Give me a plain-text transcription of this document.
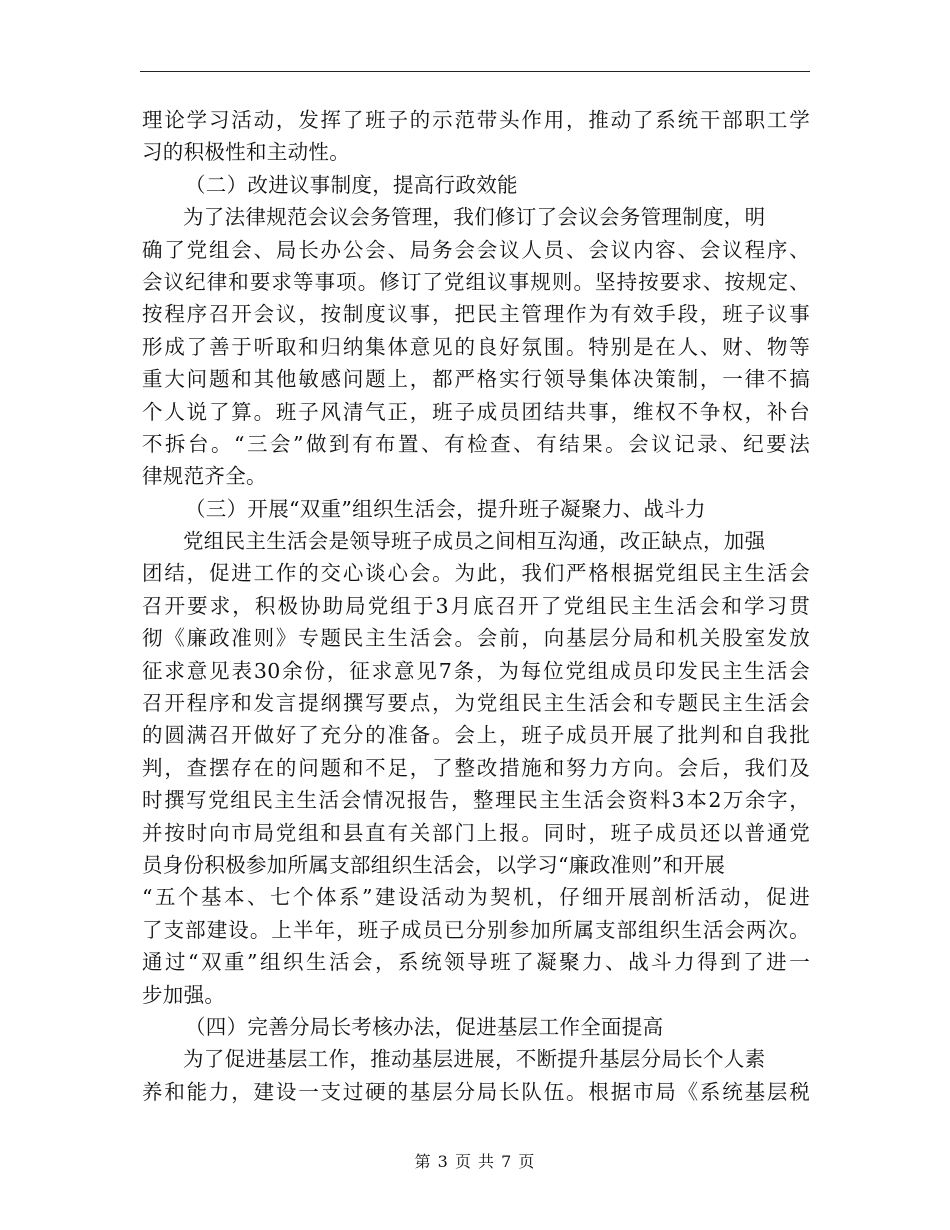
理论学习活动，发挥了班子的示范带头作用，推动了系统干部职工学
习的积极性和主动性。
（二）改进议事制度，提高行政效能
为了法律规范会议会务管理，我们修订了会议会务管理制度，明
确了党组会、局长办公会、局务会会议人员、会议内容、会议程序、
会议纪律和要求等事项。修订了党组议事规则。坚持按要求、按规定、
按程序召开会议，按制度议事，把民主管理作为有效手段，班子议事
形成了善于听取和归纳集体意见的良好氛围。特别是在人、财、物等
重大问题和其他敏感问题上，都严格实行领导集体决策制，一律不搞
个人说了算。班子风清气正，班子成员团结共事，维权不争权，补台
不拆台。“三会”做到有布置、有检查、有结果。会议记录、纪要法
律规范齐全。
（三）开展“双重”组织生活会，提升班子凝聚力、战斗力
党组民主生活会是领导班子成员之间相互沟通，改正缺点，加强
团结，促进工作的交心谈心会。为此，我们严格根据党组民主生活会
召开要求，积极协助局党组于3月底召开了党组民主生活会和学习贯
彻《廉政准则》专题民主生活会。会前，向基层分局和机关股室发放
征求意见表30余份，征求意见7条，为每位党组成员印发民主生活会
召开程序和发言提纲撰写要点，为党组民主生活会和专题民主生活会
的圆满召开做好了充分的准备。会上，班子成员开展了批判和自我批
判，查摆存在的问题和不足，了整改措施和努力方向。会后，我们及
时撰写党组民主生活会情况报告，整理民主生活会资料3本2万余字，
并按时向市局党组和县直有关部门上报。同时，班子成员还以普通党
员身份积极参加所属支部组织生活会，以学习“廉政准则”和开展
“五个基本、七个体系”建设活动为契机，仔细开展剖析活动，促进
了支部建设。上半年，班子成员已分别参加所属支部组织生活会两次。
通过“双重”组织生活会，系统领导班了凝聚力、战斗力得到了进一
步加强。
（四）完善分局长考核办法，促进基层工作全面提高
为了促进基层工作，推动基层进展，不断提升基层分局长个人素
养和能力，建设一支过硬的基层分局长队伍。根据市局《系统基层税
第 3 页 共 7 页
